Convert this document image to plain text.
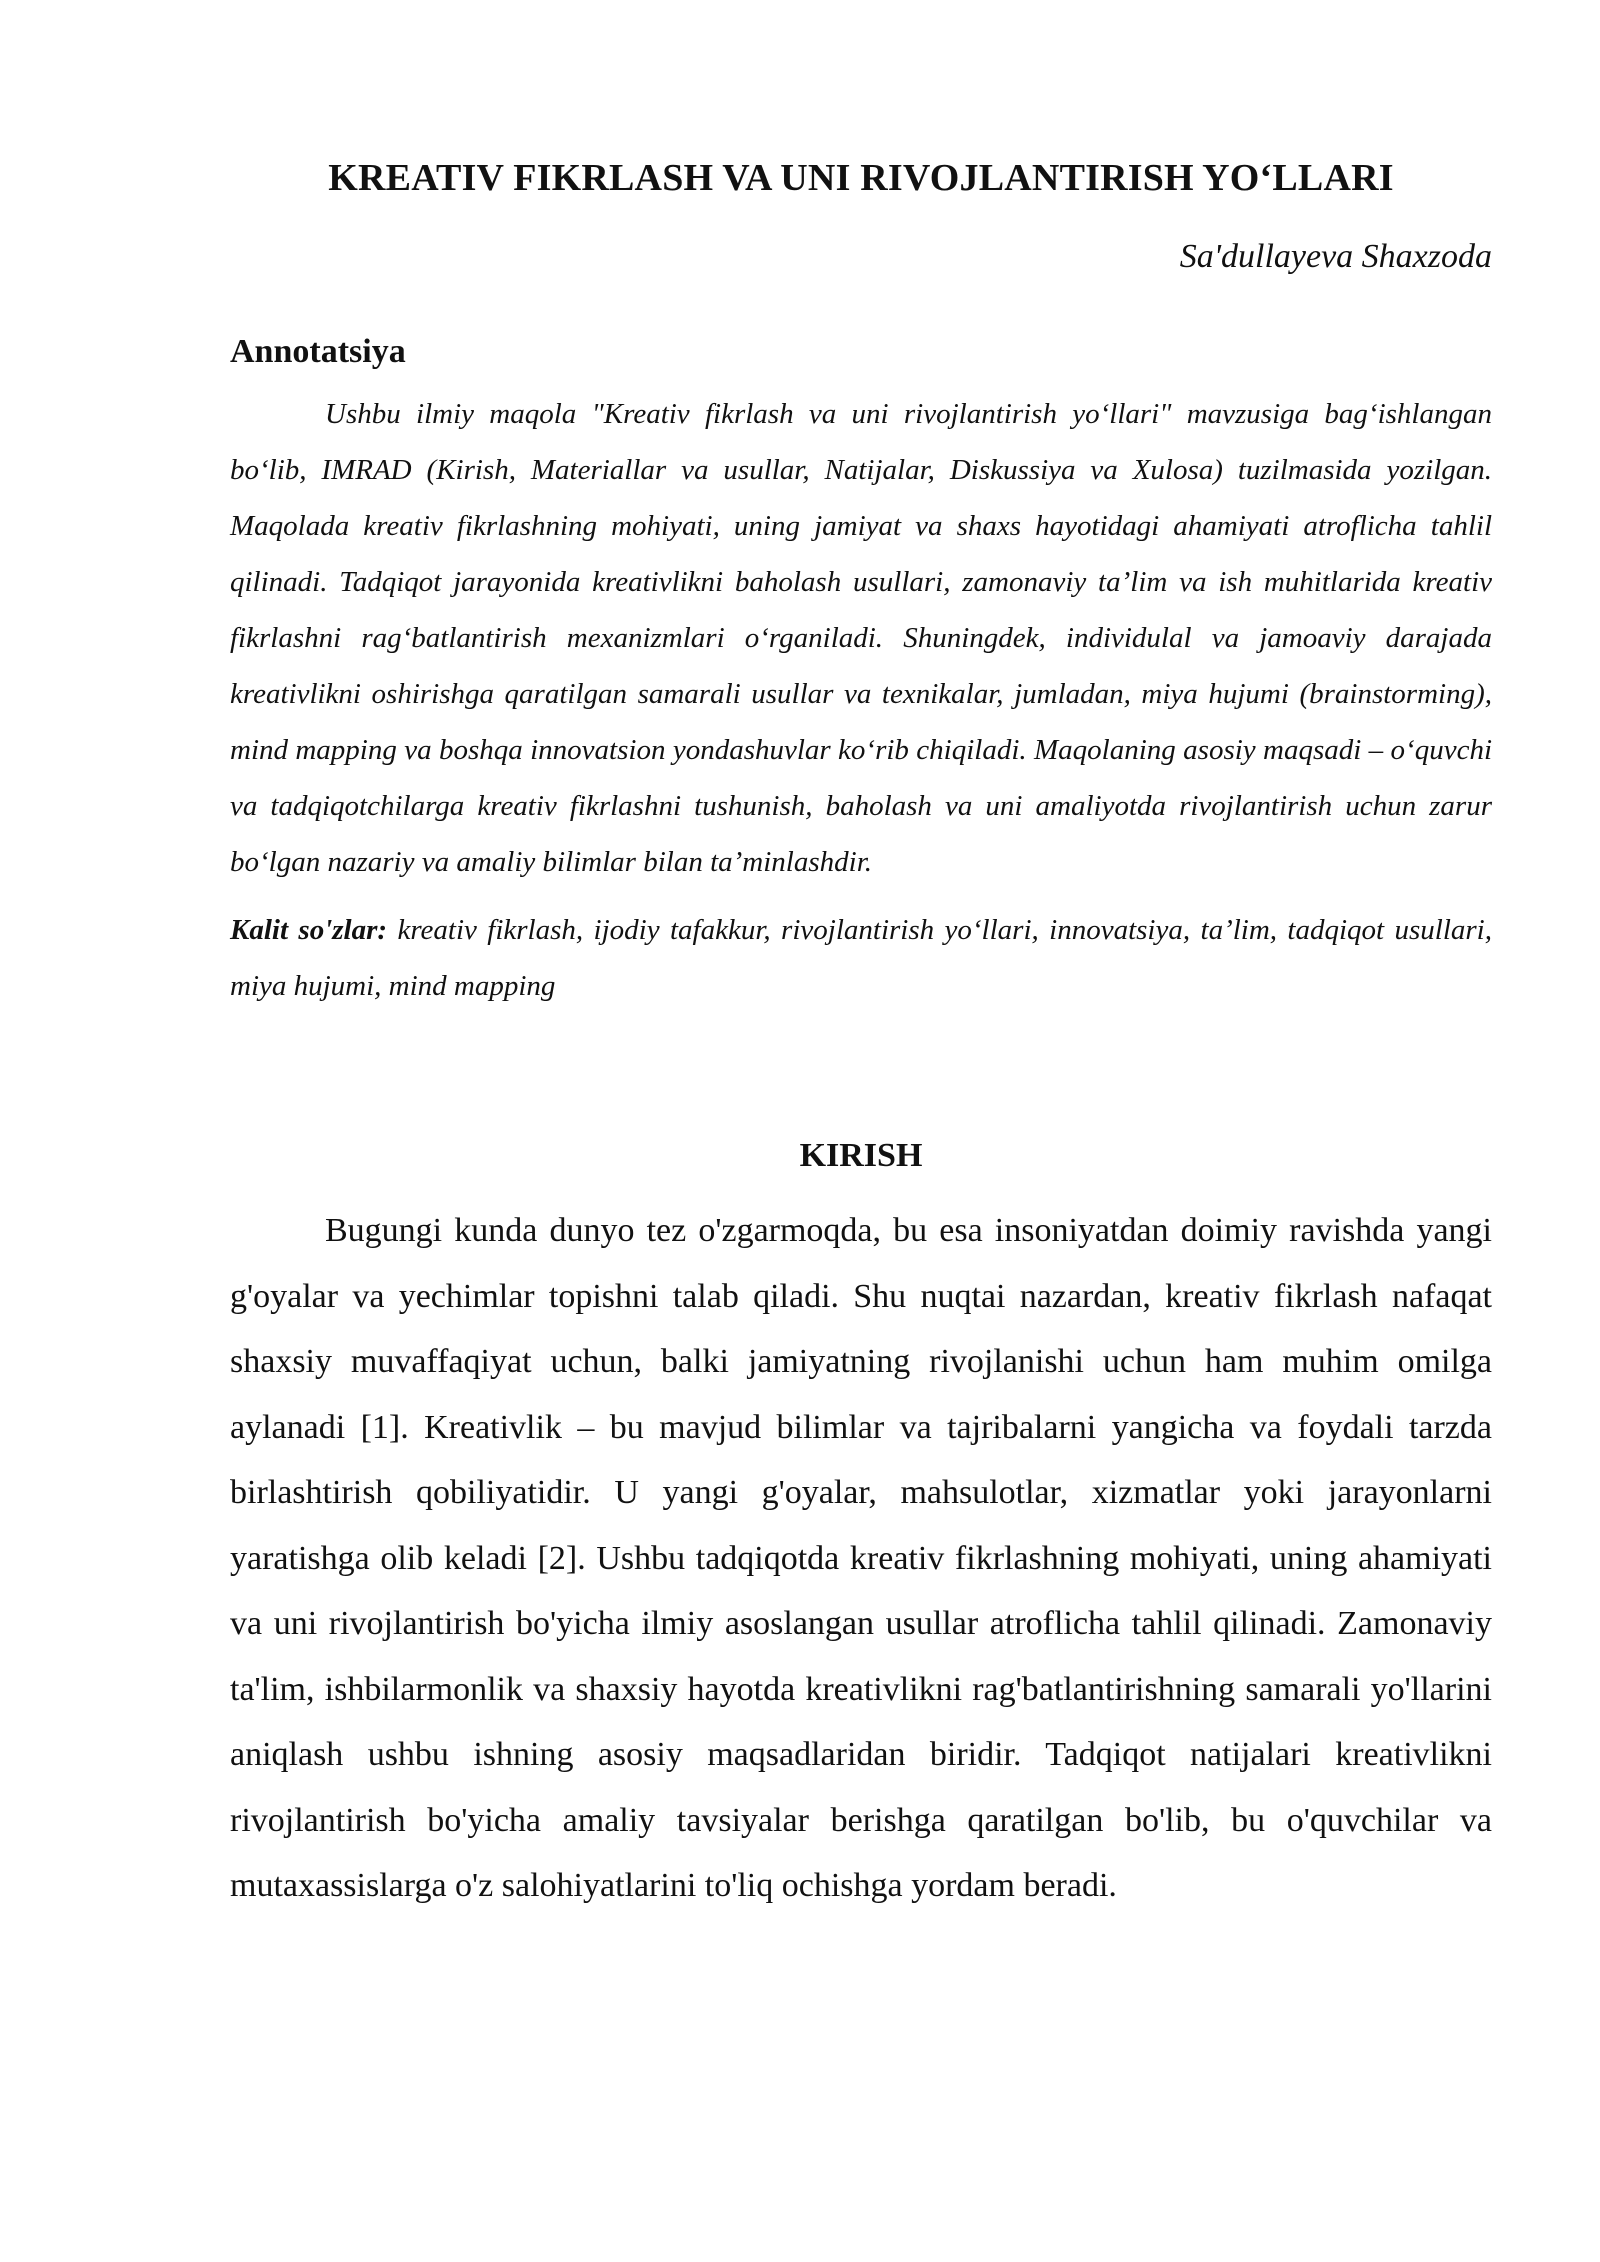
KREATIV FIKRLASH VA UNI RIVOJLANTIRISH YO‘LLARI

Sa'dullayeva Shaxzoda

Annotatsiya

Ushbu ilmiy maqola "Kreativ fikrlash va uni rivojlantirish yo‘llari" mavzusiga bag‘ishlangan bo‘lib, IMRAD (Kirish, Materiallar va usullar, Natijalar, Diskussiya va Xulosa) tuzilmasida yozilgan. Maqolada kreativ fikrlashning mohiyati, uning jamiyat va shaxs hayotidagi ahamiyati atroflicha tahlil qilinadi. Tadqiqot jarayonida kreativlikni baholash usullari, zamonaviy ta’lim va ish muhitlarida kreativ fikrlashni rag‘batlantirish mexanizmlari o‘rganiladi. Shuningdek, individulal va jamoaviy darajada kreativlikni oshirishga qaratilgan samarali usullar va texnikalar, jumladan, miya hujumi (brainstorming), mind mapping va boshqa innovatsion yondashuvlar ko‘rib chiqiladi. Maqolaning asosiy maqsadi – o‘quvchi va tadqiqotchilarga kreativ fikrlashni tushunish, baholash va uni amaliyotda rivojlantirish uchun zarur bo‘lgan nazariy va amaliy bilimlar bilan ta’minlashdir.

Kalit so'zlar: kreativ fikrlash, ijodiy tafakkur, rivojlantirish yo‘llari, innovatsiya, ta’lim, tadqiqot usullari, miya hujumi, mind mapping

KIRISH

Bugungi kunda dunyo tez o'zgarmoqda, bu esa insoniyatdan doimiy ravishda yangi g'oyalar va yechimlar topishni talab qiladi. Shu nuqtai nazardan, kreativ fikrlash nafaqat shaxsiy muvaffaqiyat uchun, balki jamiyatning rivojlanishi uchun ham muhim omilga aylanadi [1]. Kreativlik – bu mavjud bilimlar va tajribalarni yangicha va foydali tarzda birlashtirish qobiliyatidir. U yangi g'oyalar, mahsulotlar, xizmatlar yoki jarayonlarni yaratishga olib keladi [2]. Ushbu tadqiqotda kreativ fikrlashning mohiyati, uning ahamiyati va uni rivojlantirish bo'yicha ilmiy asoslangan usullar atroflicha tahlil qilinadi. Zamonaviy ta'lim, ishbilarmonlik va shaxsiy hayotda kreativlikni rag'batlantirishning samarali yo'llarini aniqlash ushbu ishning asosiy maqsadlaridan biridir. Tadqiqot natijalari kreativlikni rivojlantirish bo'yicha amaliy tavsiyalar berishga qaratilgan bo'lib, bu o'quvchilar va mutaxassislarga o'z salohiyatlarini to'liq ochishga yordam beradi.
